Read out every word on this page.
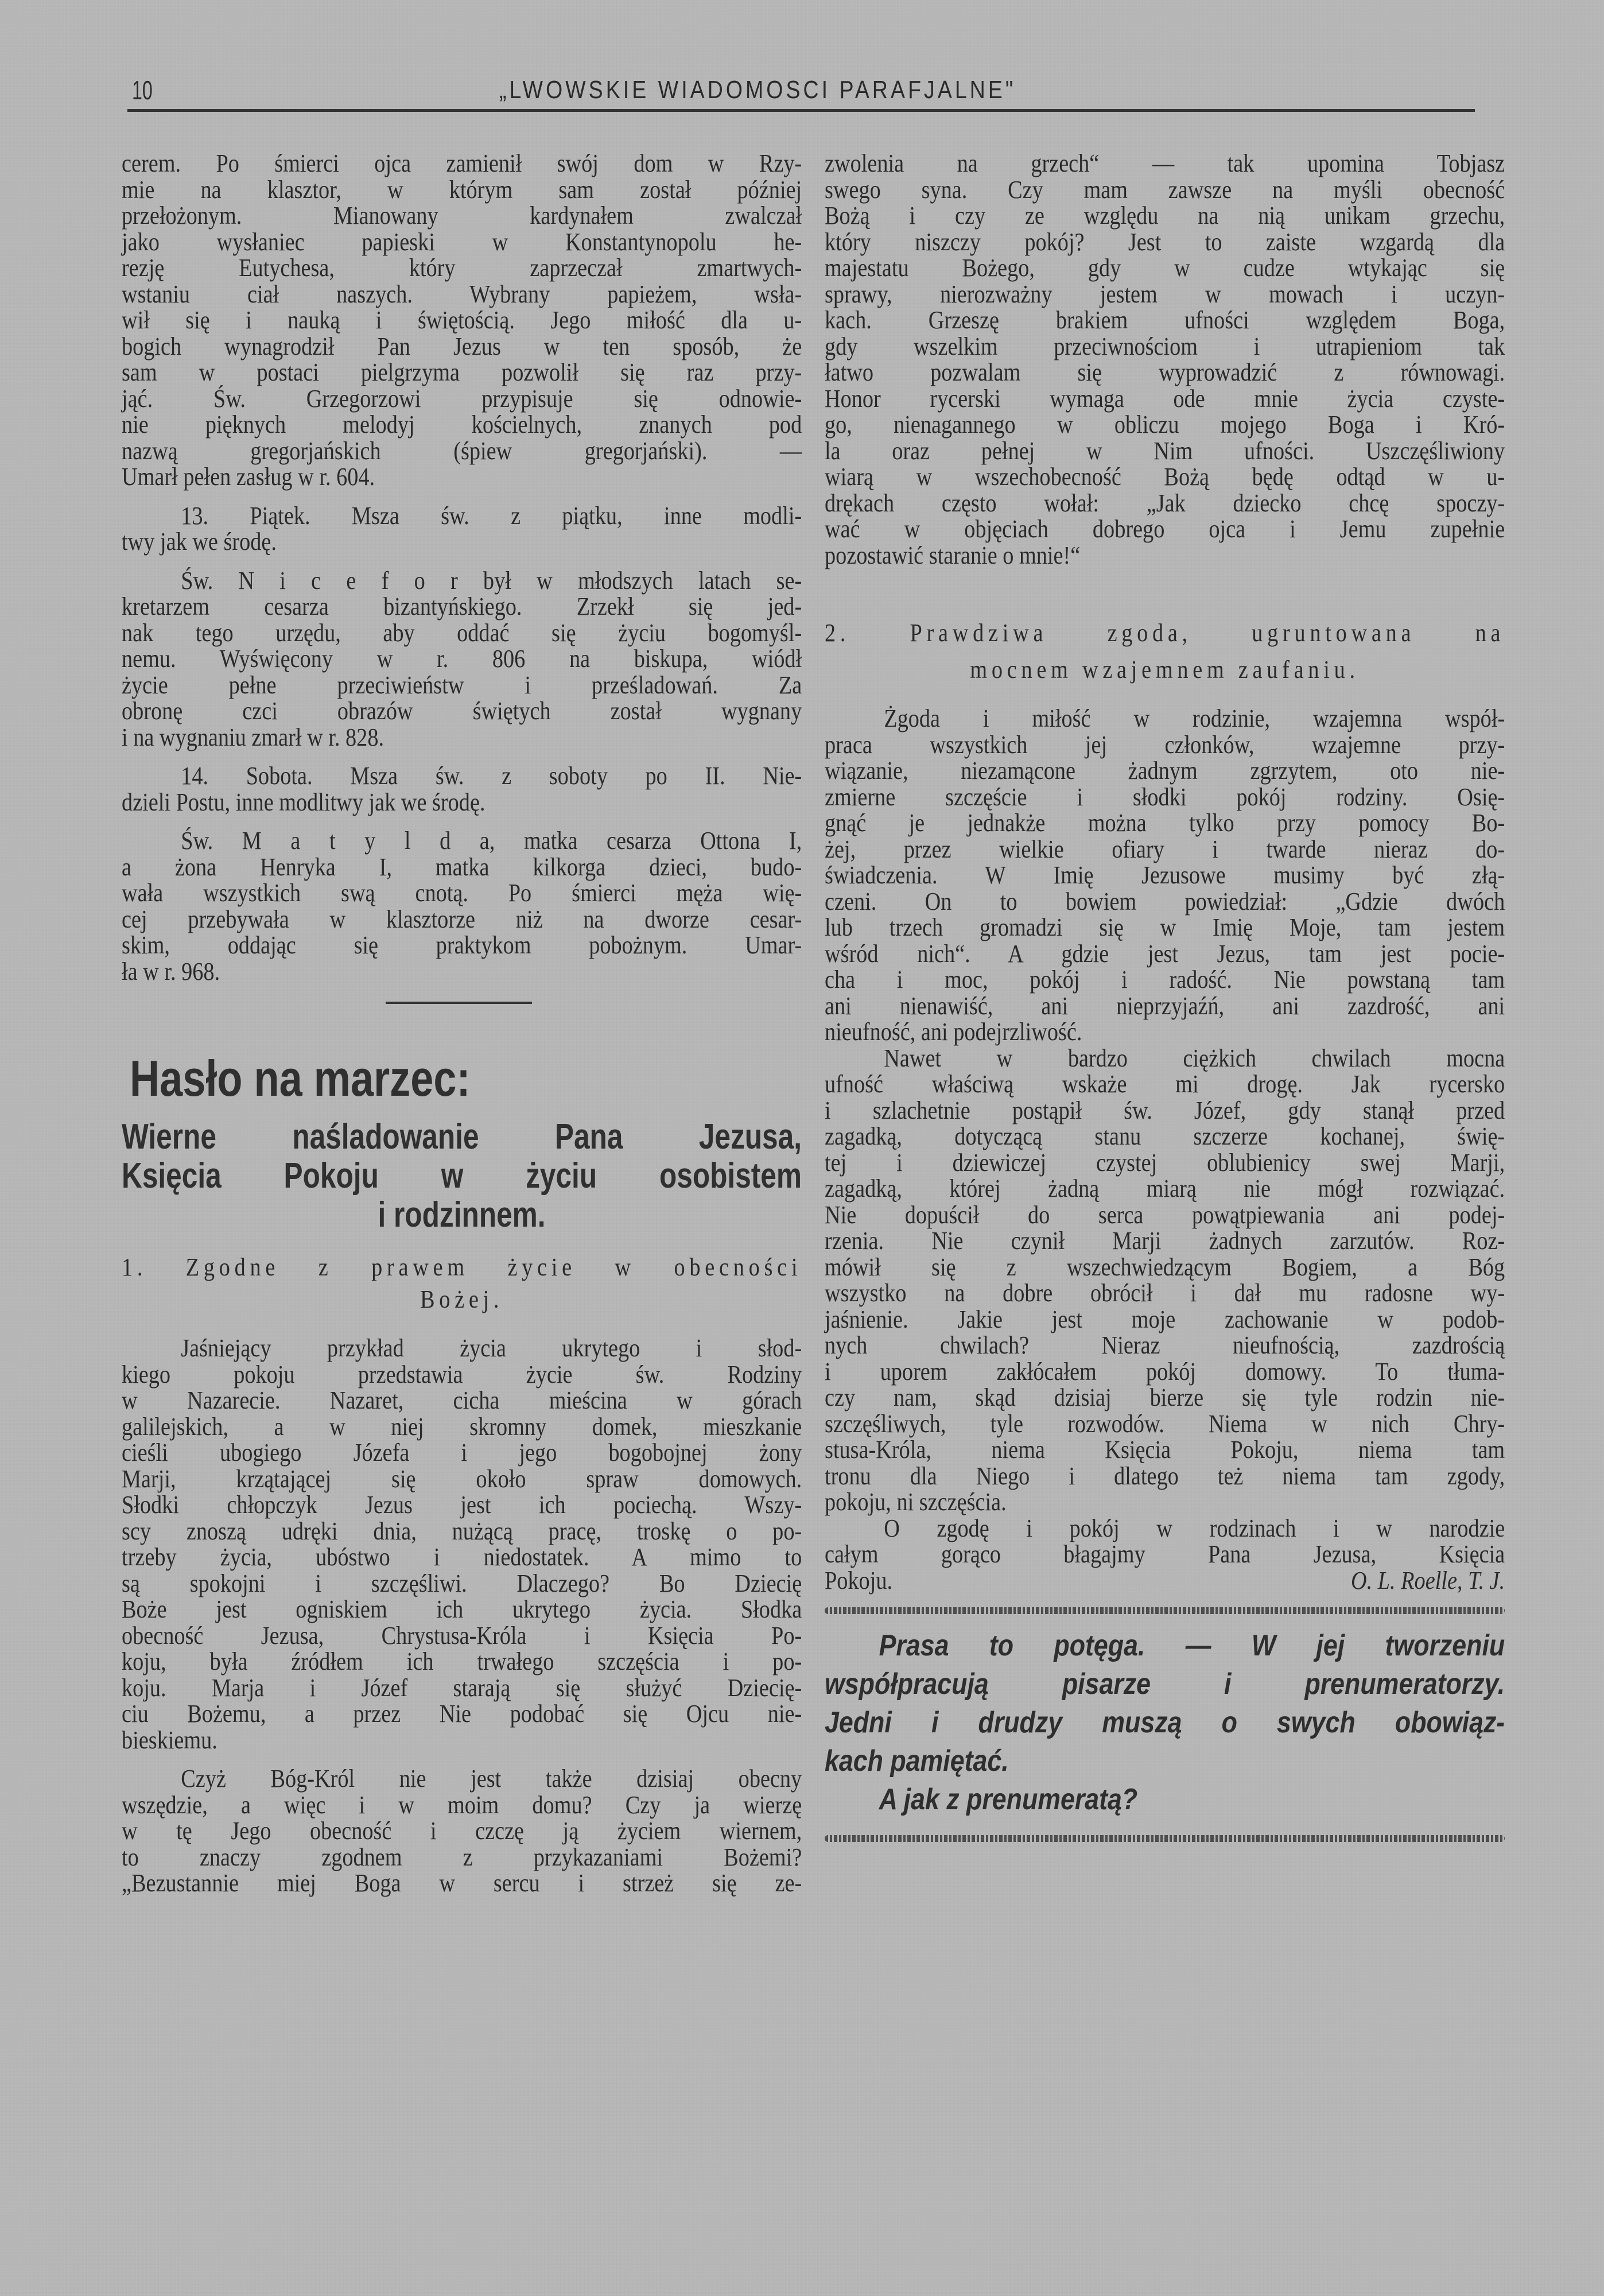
10	„LWOWSKIE WIADOMOSCI PARAFJALNE"
cerem. Po śmierci ojca zamienił swój dom w Rzy-
mie na klasztor, w którym sam został później
przełożonym. Mianowany kardynałem zwalczał
jako wysłaniec papieski w Konstantynopolu he-
rezję Eutychesa, który zaprzeczał zmartwych-
wstaniu ciał naszych. Wybrany papieżem, wsła-
wił się i nauką i świętością. Jego miłość dla u-
bogich wynagrodził Pan Jezus w ten sposób, że
sam w postaci pielgrzyma pozwolił się raz przy-
jąć. Św. Grzegorzowi przypisuje się odnowie-
nie pięknych melodyj kościelnych, znanych pod
nazwą gregorjańskich (śpiew gregorjański). —
Umarł pełen zasług w r. 604.
13. Piątek. Msza św. z piątku, inne modli-
twy jak we środę.
Św. N i c e f o r był w młodszych latach se-
kretarzem cesarza bizantyńskiego. Zrzekł się jed-
nak tego urzędu, aby oddać się życiu bogomyśl-
nemu. Wyświęcony w r. 806 na biskupa, wiódł
życie pełne przeciwieństw i prześladowań. Za
obronę czci obrazów świętych został wygnany
i na wygnaniu zmarł w r. 828.
14. Sobota. Msza św. z soboty po II. Nie-
dzieli Postu, inne modlitwy jak we środę.
Św. M a t y l d a, matka cesarza Ottona I,
a żona Henryka I, matka kilkorga dzieci, budo-
wała wszystkich swą cnotą. Po śmierci męża wię-
cej przebywała w klasztorze niż na dworze cesar-
skim, oddając się praktykom pobożnym. Umar-
ła w r. 968.
Hasło na marzec:
Wierne naśladowanie Pana Jezusa,
Księcia Pokoju w życiu osobistem
i rodzinnem.
1. Zgodne z prawem życie w obecności
Bożej.
Jaśniejący przykład życia ukrytego i słod-
kiego pokoju przedstawia życie św. Rodziny
w Nazarecie. Nazaret, cicha mieścina w górach
galilejskich, a w niej skromny domek, mieszkanie
cieśli ubogiego Józefa i jego bogobojnej żony
Marji, krzątającej się około spraw domowych.
Słodki chłopczyk Jezus jest ich pociechą. Wszy-
scy znoszą udręki dnia, nużącą pracę, troskę o po-
trzeby życia, ubóstwo i niedostatek. A mimo to
są spokojni i szczęśliwi. Dlaczego? Bo Dziecię
Boże jest ogniskiem ich ukrytego życia. Słodka
obecność Jezusa, Chrystusa-Króla i Księcia Po-
koju, była źródłem ich trwałego szczęścia i po-
koju. Marja i Józef starają się służyć Dziecię-
ciu Bożemu, a przez Nie podobać się Ojcu nie-
bieskiemu.
Czyż Bóg-Król nie jest także dzisiaj obecny
wszędzie, a więc i w moim domu? Czy ja wierzę
w tę Jego obecność i czczę ją życiem wiernem,
to znaczy zgodnem z przykazaniami Bożemi?
„Bezustannie miej Boga w sercu i strzeż się ze-
zwolenia na grzech“ — tak upomina Tobjasz
swego syna. Czy mam zawsze na myśli obecność
Bożą i czy ze względu na nią unikam grzechu,
który niszczy pokój? Jest to zaiste wzgardą dla
majestatu Bożego, gdy w cudze wtykając się
sprawy, nierozważny jestem w mowach i uczyn-
kach. Grzeszę brakiem ufności względem Boga,
gdy wszelkim przeciwnościom i utrapieniom tak
łatwo pozwalam się wyprowadzić z równowagi.
Honor rycerski wymaga ode mnie życia czyste-
go, nienagannego w obliczu mojego Boga i Kró-
la oraz pełnej w Nim ufności. Uszczęśliwiony
wiarą w wszechobecność Bożą będę odtąd w u-
drękach często wołał: „Jak dziecko chcę spoczy-
wać w objęciach dobrego ojca i Jemu zupełnie
pozostawić staranie o mnie!“
2. Prawdziwa zgoda, ugruntowana na
mocnem wzajemnem zaufaniu.
Żgoda i miłość w rodzinie, wzajemna współ-
praca wszystkich jej członków, wzajemne przy-
wiązanie, niezamącone żadnym zgrzytem, oto nie-
zmierne szczęście i słodki pokój rodziny. Osię-
gnąć je jednakże można tylko przy pomocy Bo-
żej, przez wielkie ofiary i twarde nieraz do-
świadczenia. W Imię Jezusowe musimy być złą-
czeni. On to bowiem powiedział: „Gdzie dwóch
lub trzech gromadzi się w Imię Moje, tam jestem
wśród nich“. A gdzie jest Jezus, tam jest pocie-
cha i moc, pokój i radość. Nie powstaną tam
ani nienawiść, ani nieprzyjaźń, ani zazdrość, ani
nieufność, ani podejrzliwość.
Nawet w bardzo ciężkich chwilach mocna
ufność właściwą wskaże mi drogę. Jak rycersko
i szlachetnie postąpił św. Józef, gdy stanął przed
zagadką, dotyczącą stanu szczerze kochanej, świę-
tej i dziewiczej czystej oblubienicy swej Marji,
zagadką, której żadną miarą nie mógł rozwiązać.
Nie dopuścił do serca powątpiewania ani podej-
rzenia. Nie czynił Marji żadnych zarzutów. Roz-
mówił się z wszechwiedzącym Bogiem, a Bóg
wszystko na dobre obrócił i dał mu radosne wy-
jaśnienie. Jakie jest moje zachowanie w podob-
nych chwilach? Nieraz nieufnością, zazdrością
i uporem zakłócałem pokój domowy. To tłuma-
czy nam, skąd dzisiaj bierze się tyle rodzin nie-
szczęśliwych, tyle rozwodów. Niema w nich Chry-
stusa-Króla, niema Księcia Pokoju, niema tam
tronu dla Niego i dlatego też niema tam zgody,
pokoju, ni szczęścia.
O zgodę i pokój w rodzinach i w narodzie
całym gorąco błagajmy Pana Jezusa, Księcia
Pokoju.	O. L. Roelle, T. J.
Prasa to potęga. — W jej tworzeniu
współpracują pisarze i prenumeratorzy.
Jedni i drudzy muszą o swych obowiąz-
kach pamiętać.
A jak z prenumeratą?
